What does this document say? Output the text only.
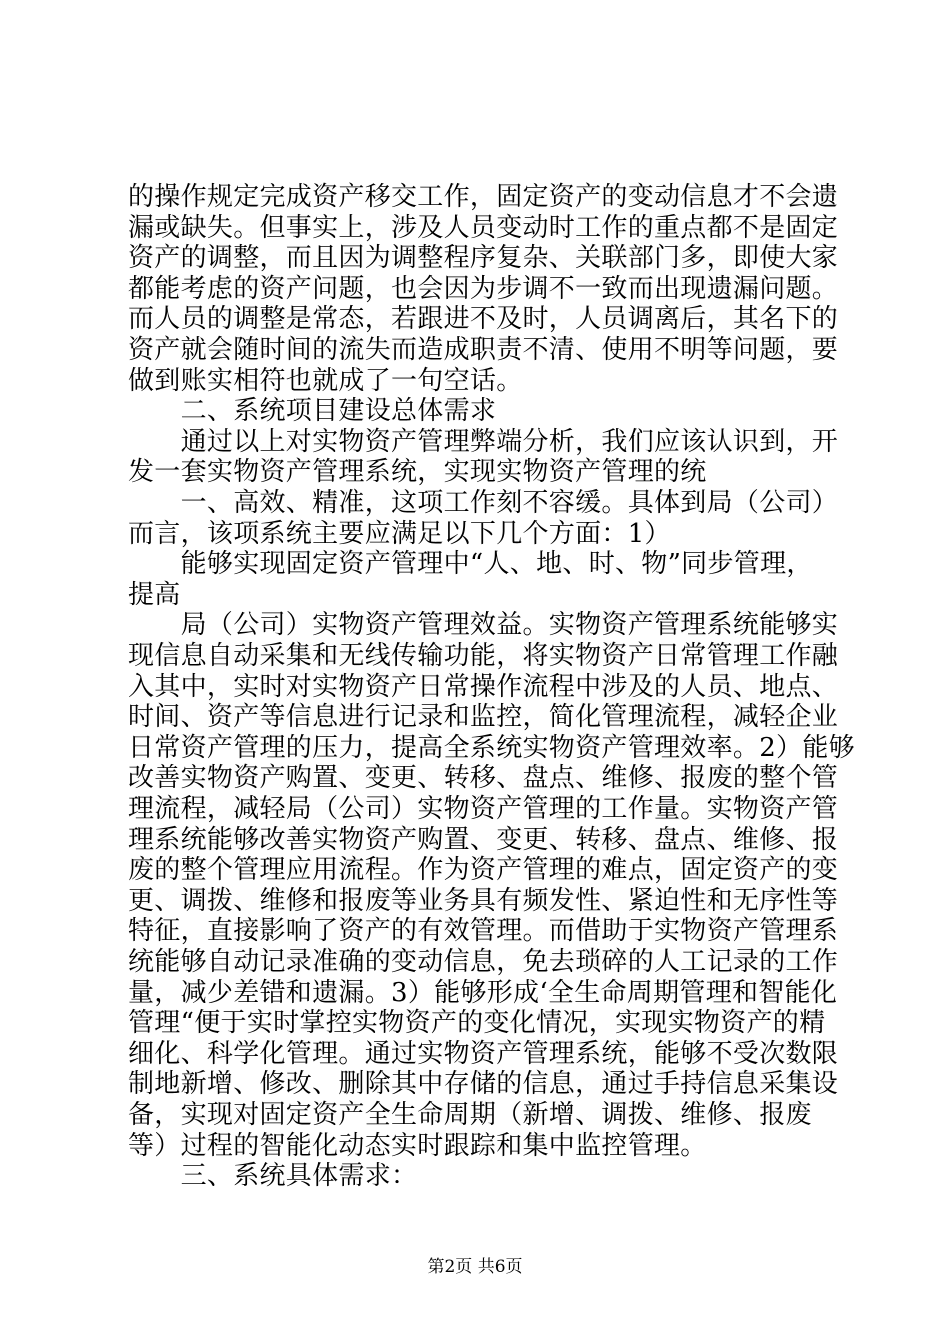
的操作规定完成资产移交工作，固定资产的变动信息才不会遗
漏或缺失。但事实上，涉及人员变动时工作的重点都不是固定
资产的调整，而且因为调整程序复杂、关联部门多，即使大家
都能考虑的资产问题，也会因为步调不一致而出现遗漏问题。
而人员的调整是常态，若跟进不及时，人员调离后，其名下的
资产就会随时间的流失而造成职责不清、使用不明等问题，要
做到账实相符也就成了一句空话。
　　二、系统项目建设总体需求
　　通过以上对实物资产管理弊端分析，我们应该认识到，开
发一套实物资产管理系统，实现实物资产管理的统
　　一、高效、精准，这项工作刻不容缓。具体到局（公司）
而言，该项系统主要应满足以下几个方面：1）
　　能够实现固定资产管理中“人、地、时、物”同步管理，
提高
　　局（公司）实物资产管理效益。实物资产管理系统能够实
现信息自动采集和无线传输功能，将实物资产日常管理工作融
入其中，实时对实物资产日常操作流程中涉及的人员、地点、
时间、资产等信息进行记录和监控，简化管理流程，减轻企业
日常资产管理的压力，提高全系统实物资产管理效率。2）能够
改善实物资产购置、变更、转移、盘点、维修、报废的整个管
理流程，减轻局（公司）实物资产管理的工作量。实物资产管
理系统能够改善实物资产购置、变更、转移、盘点、维修、报
废的整个管理应用流程。作为资产管理的难点，固定资产的变
更、调拨、维修和报废等业务具有频发性、紧迫性和无序性等
特征，直接影响了资产的有效管理。而借助于实物资产管理系
统能够自动记录准确的变动信息，免去琐碎的人工记录的工作
量，减少差错和遗漏。3）能够形成‘全生命周期管理和智能化
管理“便于实时掌控实物资产的变化情况，实现实物资产的精
细化、科学化管理。通过实物资产管理系统，能够不受次数限
制地新增、修改、删除其中存储的信息，通过手持信息采集设
备，实现对固定资产全生命周期（新增、调拨、维修、报废
等）过程的智能化动态实时跟踪和集中监控管理。
　　三、系统具体需求：
第2页 共6页
